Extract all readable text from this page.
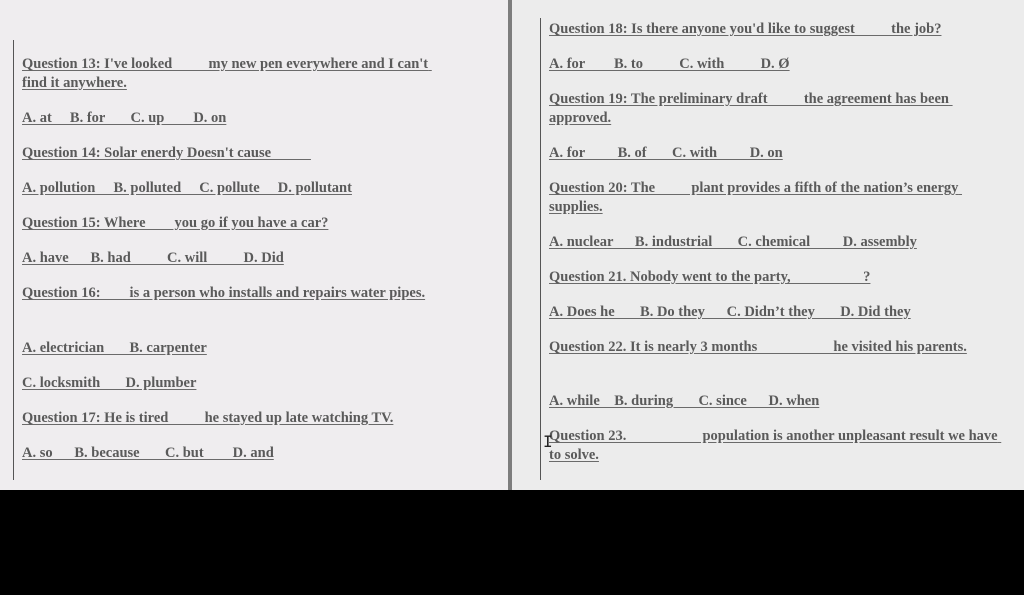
Question 13: I've looked          my new pen everywhere and I can't find it anywhere.

A. at     B. for       C. up        D. on

Question 14: Solar enerdy Doesn't cause

A. pollution     B. polluted     C. pollute     D. pollutant

Question 15: Where        you go if you have a car?

A. have      B. had          C. will          D. Did

Question 16:        is a person who installs and repairs water pipes.

A. electrician       B. carpenter

C. locksmith       D. plumber

Question 17: He is tired          he stayed up late watching TV.

A. so      B. because       C. but        D. and

Question 18: Is there anyone you'd like to suggest          the job?

A. for        B. to          C. with          D. Ø

Question 19: The preliminary draft          the agreement has been approved.

A. for         B. of       C. with         D. on

Question 20: The          plant provides a fifth of the nation’s energy supplies.

A. nuclear      B. industrial       C. chemical         D. assembly

Question 21. Nobody went to the party,                    ?

A. Does he       B. Do they      C. Didn’t they       D. Did they

Question 22. It is nearly 3 months                     he visited his parents.

A. while    B. during       C. since      D. when

Question 23.                     population is another unpleasant result we have to solve.

I
